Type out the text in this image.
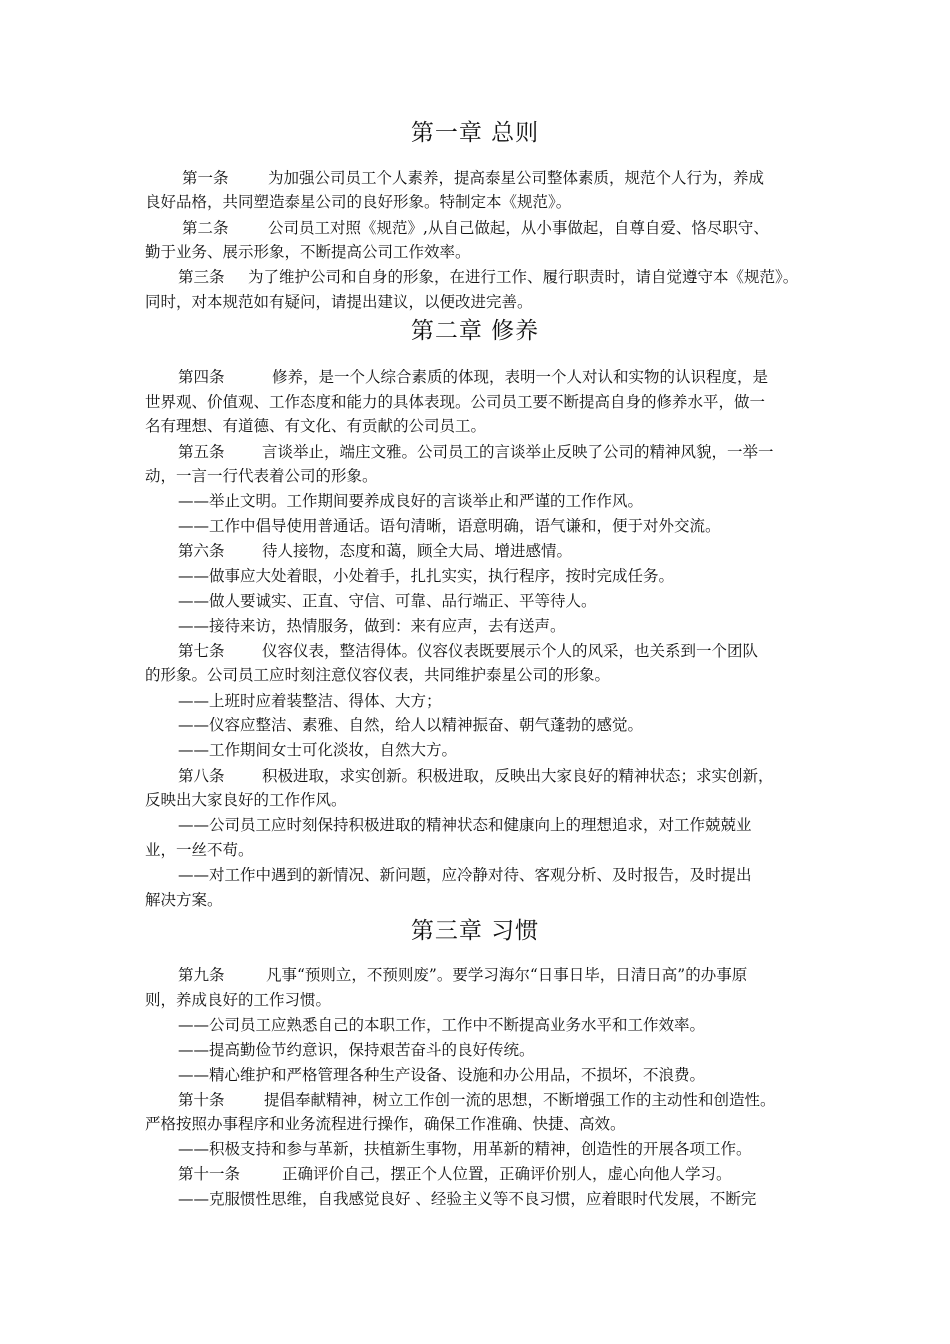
第一章 总则
第一条	为加强公司员工个人素养，提高泰星公司整体素质，规范个人行为，养成
良好品格，共同塑造泰星公司的良好形象。特制定本《规范》。
第二条	公司员工对照《规范》,从自己做起，从小事做起，自尊自爱、恪尽职守、
勤于业务、展示形象，不断提高公司工作效率。
第三条 为了维护公司和自身的形象，在进行工作、履行职责时，请自觉遵守本《规范》。
同时，对本规范如有疑问，请提出建议，以便改进完善。
第二章 修养
第四条	修养，是一个人综合素质的体现，表明一个人对认和实物的认识程度，是
世界观、价值观、工作态度和能力的具体表现。公司员工要不断提高自身的修养水平，做一
名有理想、有道德、有文化、有贡献的公司员工。
第五条 言谈举止，端庄文雅。公司员工的言谈举止反映了公司的精神风貌，一举一
动，一言一行代表着公司的形象。
——举止文明。工作期间要养成良好的言谈举止和严谨的工作作风。
——工作中倡导使用普通话。语句清晰，语意明确，语气谦和，便于对外交流。
第六条 待人接物，态度和蔼，顾全大局、增进感情。
——做事应大处着眼，小处着手，扎扎实实，执行程序，按时完成任务。
——做人要诚实、正直、守信、可靠、品行端正、平等待人。
——接待来访，热情服务，做到：来有应声，去有送声。
第七条 仪容仪表，整洁得体。仪容仪表既要展示个人的风采，也关系到一个团队
的形象。公司员工应时刻注意仪容仪表，共同维护泰星公司的形象。
——上班时应着装整洁、得体、大方；
——仪容应整洁、素雅、自然，给人以精神振奋、朝气蓬勃的感觉。
——工作期间女士可化淡妆，自然大方。
第八条 积极进取，求实创新。积极进取，反映出大家良好的精神状态；求实创新，
反映出大家良好的工作作风。
——公司员工应时刻保持积极进取的精神状态和健康向上的理想追求，对工作兢兢业
业，一丝不苟。
——对工作中遇到的新情况、新问题，应冷静对待、客观分析、及时报告，及时提出
解决方案。
第三章 习惯
第九条	凡事“预则立，不预则废”。要学习海尔“日事日毕，日清日高”的办事原
则，养成良好的工作习惯。
——公司员工应熟悉自己的本职工作，工作中不断提高业务水平和工作效率。
——提高勤俭节约意识，保持艰苦奋斗的良好传统。
——精心维护和严格管理各种生产设备、设施和办公用品，不损坏，不浪费。
第十条	提倡奉献精神，树立工作创一流的思想，不断增强工作的主动性和创造性。
严格按照办事程序和业务流程进行操作，确保工作准确、快捷、高效。
——积极支持和参与革新，扶植新生事物，用革新的精神，创造性的开展各项工作。
第十一条	正确评价自己，摆正个人位置，正确评价别人，虚心向他人学习。
——克服惯性思维，自我感觉良好 、经验主义等不良习惯，应着眼时代发展，不断完
